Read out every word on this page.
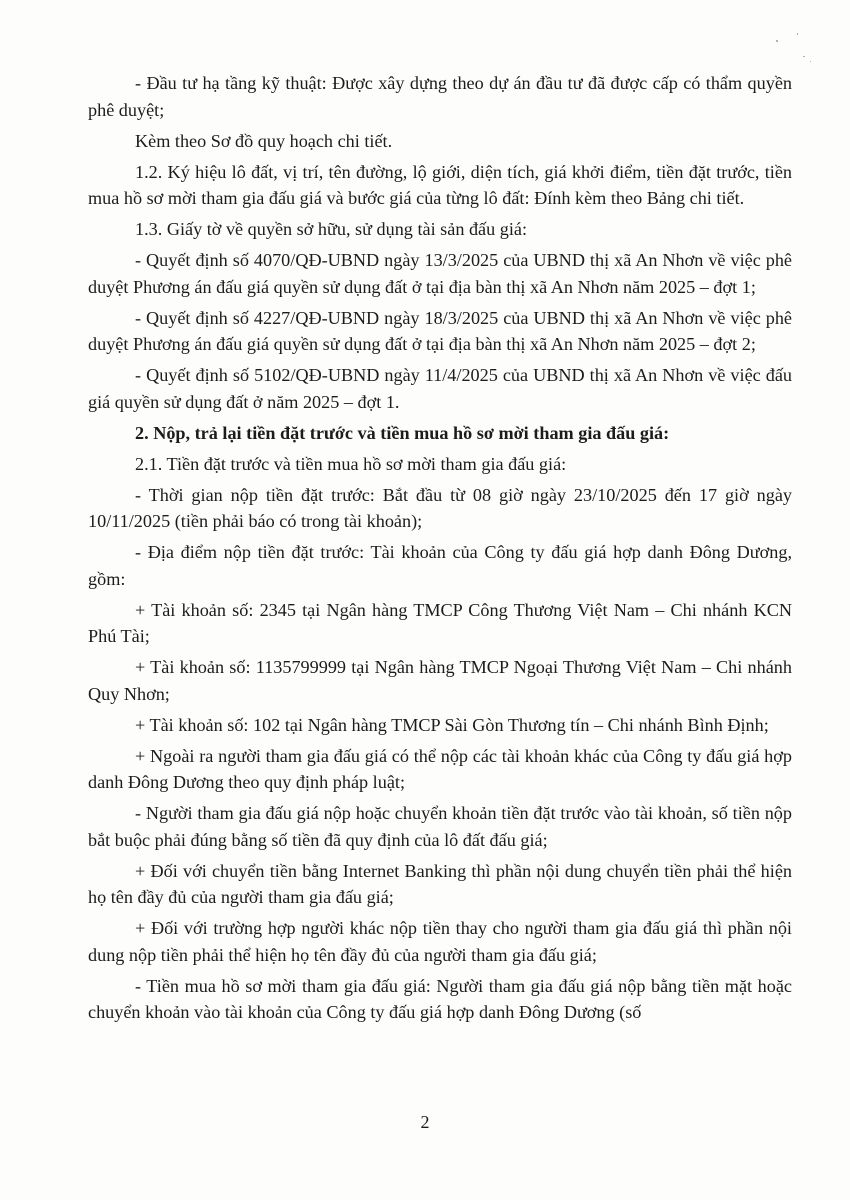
- Đầu tư hạ tầng kỹ thuật: Được xây dựng theo dự án đầu tư đã được cấp có thẩm quyền phê duyệt;

Kèm theo Sơ đồ quy hoạch chi tiết.

1.2. Ký hiệu lô đất, vị trí, tên đường, lộ giới, diện tích, giá khởi điểm, tiền đặt trước, tiền mua hồ sơ mời tham gia đấu giá và bước giá của từng lô đất: Đính kèm theo Bảng chi tiết.

1.3. Giấy tờ về quyền sở hữu, sử dụng tài sản đấu giá:

- Quyết định số 4070/QĐ-UBND ngày 13/3/2025 của UBND thị xã An Nhơn về việc phê duyệt Phương án đấu giá quyền sử dụng đất ở tại địa bàn thị xã An Nhơn năm 2025 – đợt 1;

- Quyết định số 4227/QĐ-UBND ngày 18/3/2025 của UBND thị xã An Nhơn về việc phê duyệt Phương án đấu giá quyền sử dụng đất ở tại địa bàn thị xã An Nhơn năm 2025 – đợt 2;

- Quyết định số 5102/QĐ-UBND ngày 11/4/2025 của UBND thị xã An Nhơn về việc đấu giá quyền sử dụng đất ở năm 2025 – đợt 1.

2. Nộp, trả lại tiền đặt trước và tiền mua hồ sơ mời tham gia đấu giá:

2.1. Tiền đặt trước và tiền mua hồ sơ mời tham gia đấu giá:

- Thời gian nộp tiền đặt trước: Bắt đầu từ 08 giờ ngày 23/10/2025 đến 17 giờ ngày 10/11/2025 (tiền phải báo có trong tài khoản);

- Địa điểm nộp tiền đặt trước: Tài khoản của Công ty đấu giá hợp danh Đông Dương, gồm:

+ Tài khoản số: 2345 tại Ngân hàng TMCP Công Thương Việt Nam – Chi nhánh KCN Phú Tài;

+ Tài khoản số: 1135799999 tại Ngân hàng TMCP Ngoại Thương Việt Nam – Chi nhánh Quy Nhơn;

+ Tài khoản số: 102 tại Ngân hàng TMCP Sài Gòn Thương tín – Chi nhánh Bình Định;

+ Ngoài ra người tham gia đấu giá có thể nộp các tài khoản khác của Công ty đấu giá hợp danh Đông Dương theo quy định pháp luật;

- Người tham gia đấu giá nộp hoặc chuyển khoản tiền đặt trước vào tài khoản, số tiền nộp bắt buộc phải đúng bằng số tiền đã quy định của lô đất đấu giá;

+ Đối với chuyển tiền bằng Internet Banking thì phần nội dung chuyển tiền phải thể hiện họ tên đầy đủ của người tham gia đấu giá;

+ Đối với trường hợp người khác nộp tiền thay cho người tham gia đấu giá thì phần nội dung nộp tiền phải thể hiện họ tên đầy đủ của người tham gia đấu giá;

- Tiền mua hồ sơ mời tham gia đấu giá: Người tham gia đấu giá nộp bằng tiền mặt hoặc chuyển khoản vào tài khoản của Công ty đấu giá hợp danh Đông Dương (số

2
